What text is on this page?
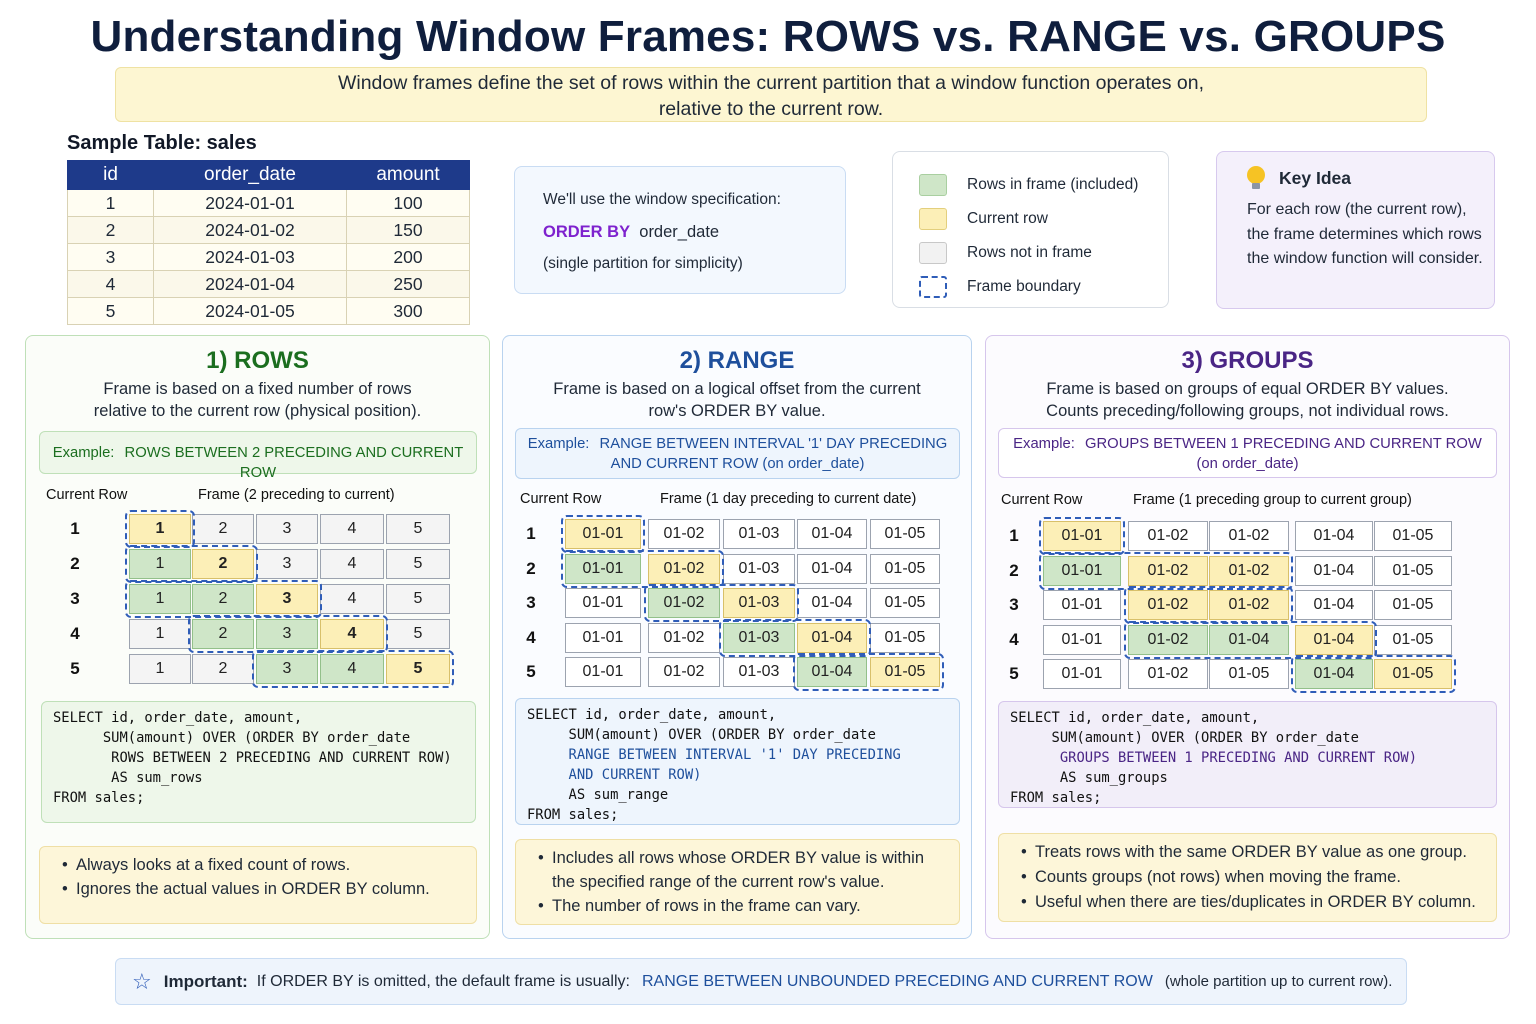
Understanding Window Frames: ROWS vs. RANGE vs. GROUPS
Window frames define the set of rows within the current partition that a window function operates on,
relative to the current row.
Sample Table: sales
id	order_date	amount
1	2024-01-01	100
2	2024-01-02	150
3	2024-01-03	200
4	2024-01-04	250
5	2024-01-05	300
We'll use the window specification:
ORDER BY order_date
(single partition for simplicity)
Rows in frame (included)
Current row
Rows not in frame
Frame boundary
Key Idea
For each row (the current row), the frame determines which rows the window function will consider.
1) ROWS
Frame is based on a fixed number of rows
relative to the current row (physical position).
Example: ROWS BETWEEN 2 PRECEDING AND CURRENT ROW
Current Row	Frame (2 preceding to current)
1	1	2	3	4	5
2	1	2	3	4	5
3	1	2	3	4	5
4	1	2	3	4	5
5	1	2	3	4	5
SELECT id, order_date, amount,
SUM(amount) OVER (ORDER BY order_date
ROWS BETWEEN 2 PRECEDING AND CURRENT ROW)
AS sum_rows
FROM sales;
• Always looks at a fixed count of rows.
• Ignores the actual values in ORDER BY column.
2) RANGE
Frame is based on a logical offset from the current
row's ORDER BY value.
Example: RANGE BETWEEN INTERVAL '1' DAY PRECEDING
AND CURRENT ROW (on order_date)
Current Row	Frame (1 day preceding to current date)
1	01-01	01-02	01-03	01-04	01-05
2	01-01	01-02	01-03	01-04	01-05
3	01-01	01-02	01-03	01-04	01-05
4	01-01	01-02	01-03	01-04	01-05
5	01-01	01-02	01-03	01-04	01-05
SELECT id, order_date, amount,
SUM(amount) OVER (ORDER BY order_date
RANGE BETWEEN INTERVAL '1' DAY PRECEDING
AND CURRENT ROW)
AS sum_range
FROM sales;
• Includes all rows whose ORDER BY value is within
the specified range of the current row's value.
• The number of rows in the frame can vary.
3) GROUPS
Frame is based on groups of equal ORDER BY values.
Counts preceding/following groups, not individual rows.
Example: GROUPS BETWEEN 1 PRECEDING AND CURRENT ROW
(on order_date)
Current Row	Frame (1 preceding group to current group)
1	01-01	01-02	01-02	01-04	01-05
2	01-01	01-02	01-02	01-04	01-05
3	01-01	01-02	01-02	01-04	01-05
4	01-01	01-02	01-04	01-04	01-05
5	01-01	01-02	01-05	01-04	01-05
SELECT id, order_date, amount,
SUM(amount) OVER (ORDER BY order_date
GROUPS BETWEEN 1 PRECEDING AND CURRENT ROW)
AS sum_groups
FROM sales;
• Treats rows with the same ORDER BY value as one group.
• Counts groups (not rows) when moving the frame.
• Useful when there are ties/duplicates in ORDER BY column.
☆ Important: If ORDER BY is omitted, the default frame is usually: RANGE BETWEEN UNBOUNDED PRECEDING AND CURRENT ROW (whole partition up to current row).
